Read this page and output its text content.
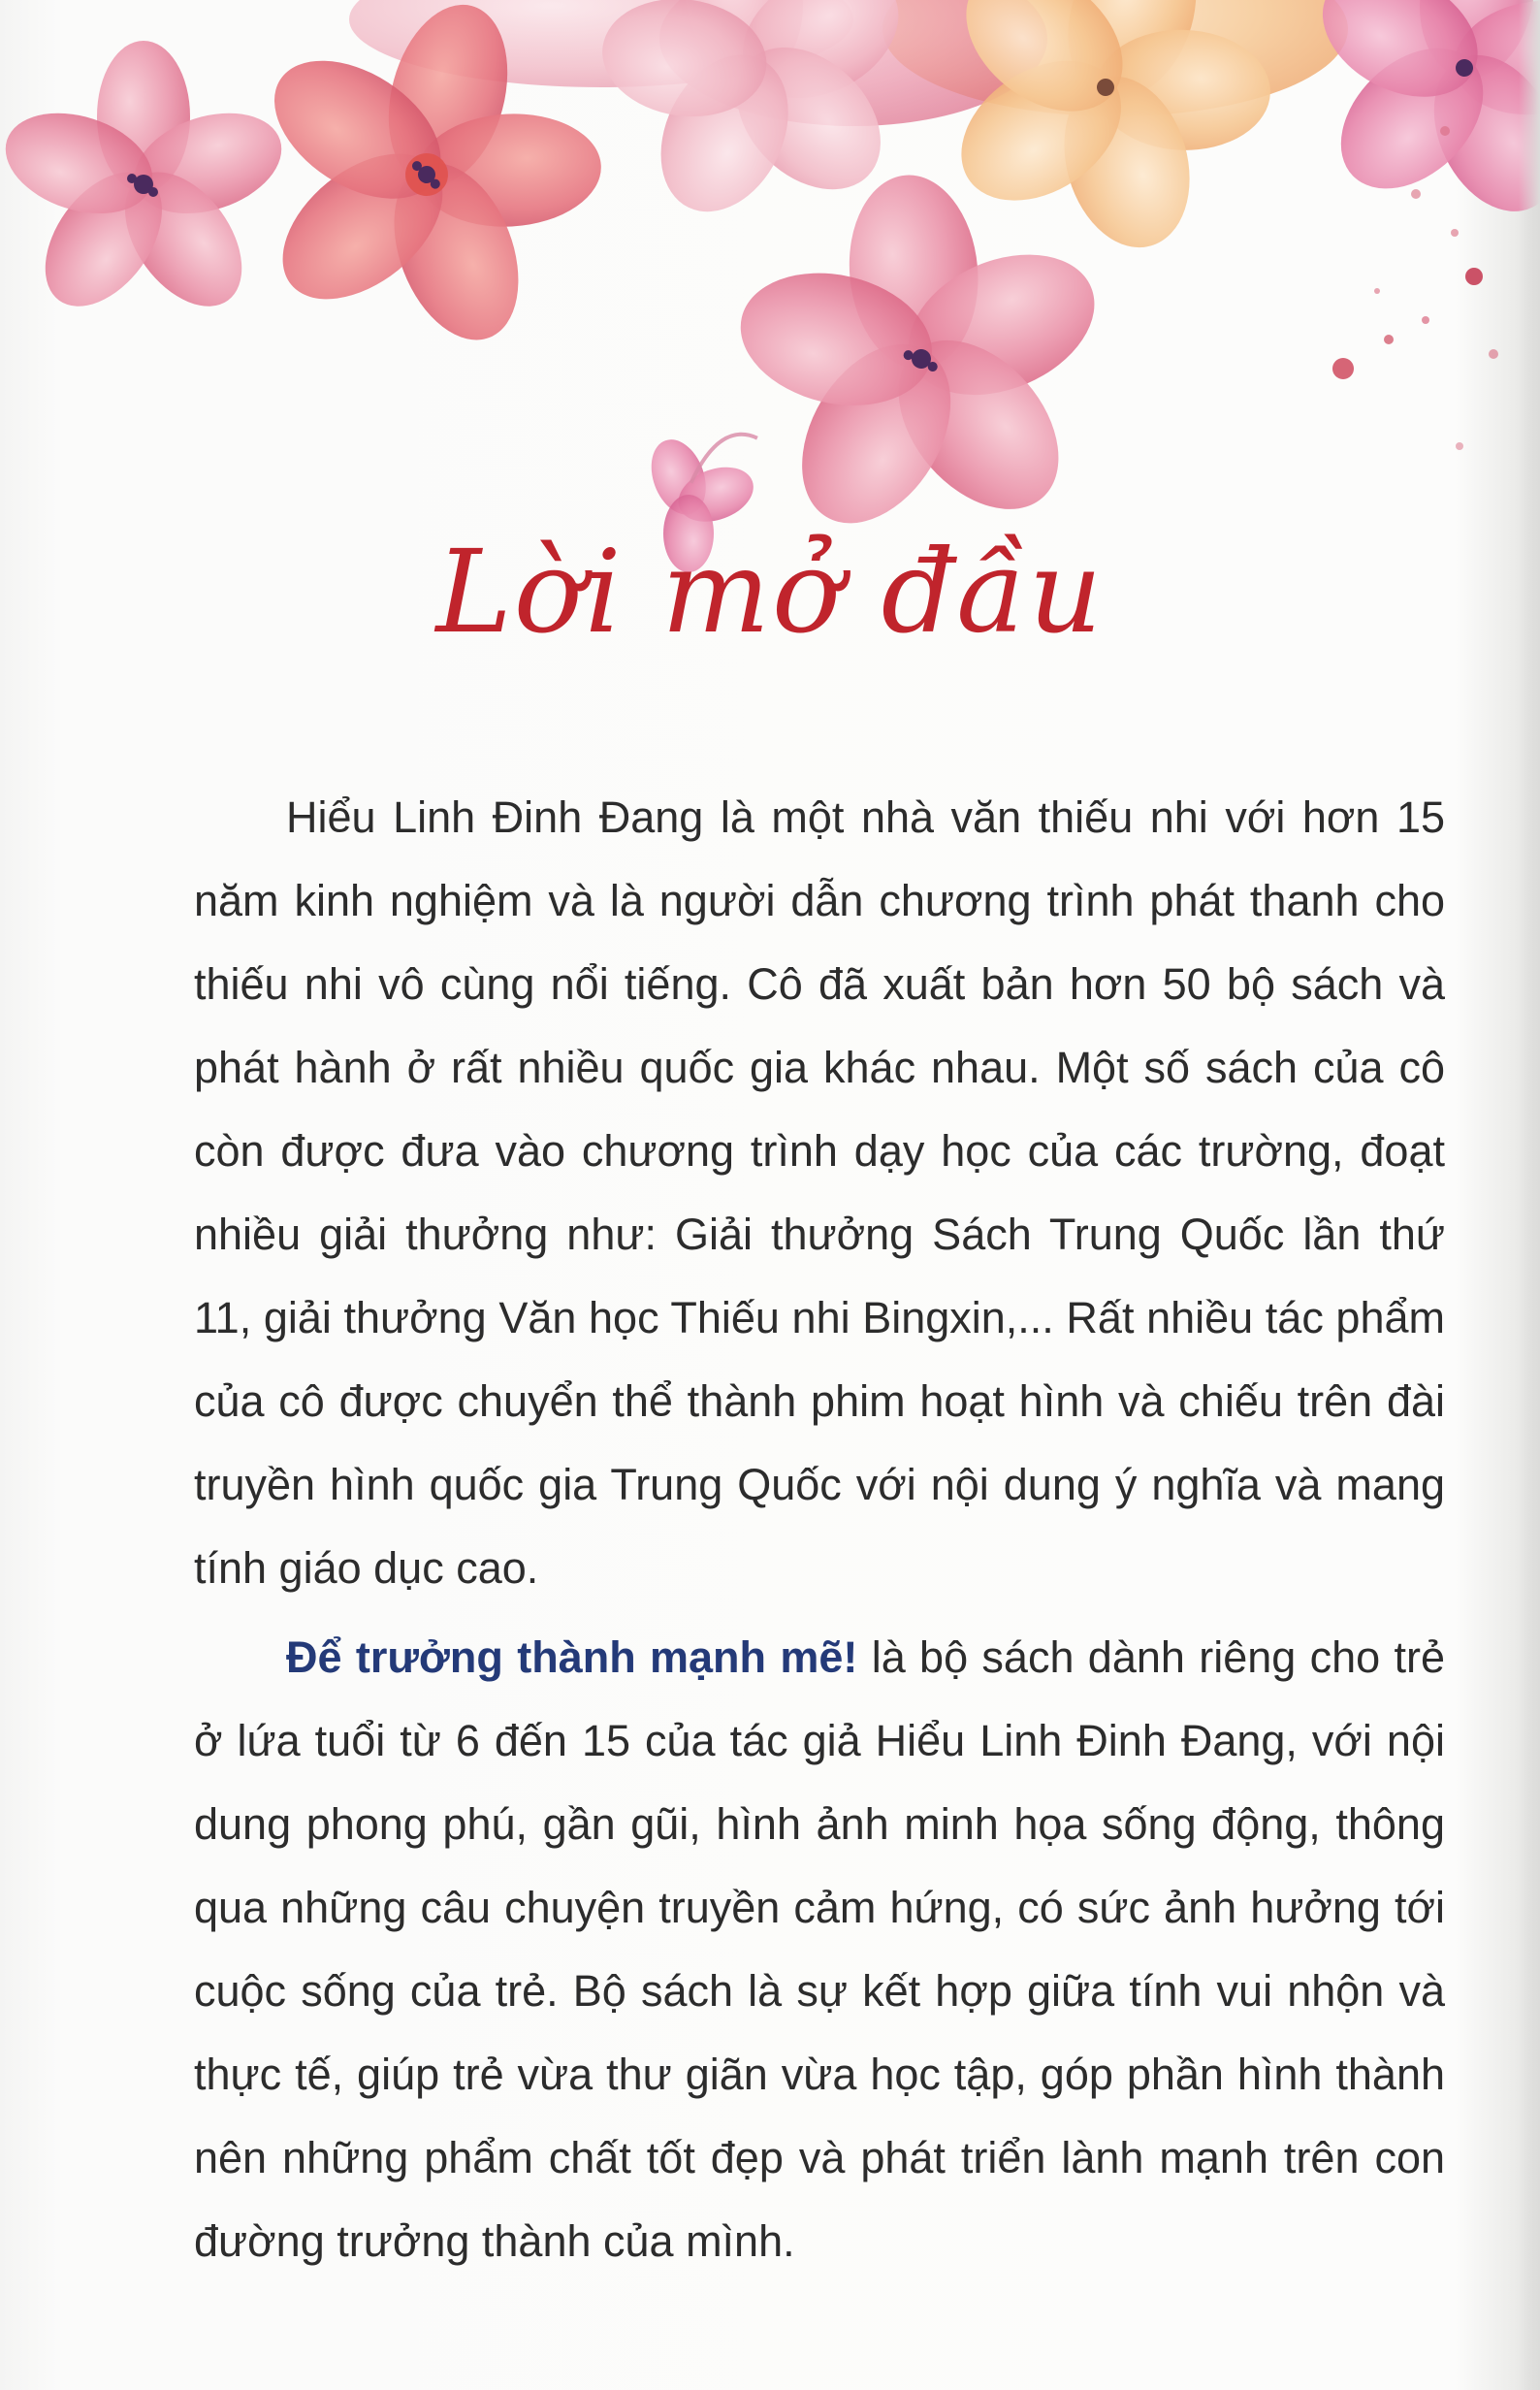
Lời mở đầu

Hiểu Linh Đinh Đang là một nhà văn thiếu nhi với hơn 15 năm kinh nghiệm và là người dẫn chương trình phát thanh cho thiếu nhi vô cùng nổi tiếng. Cô đã xuất bản hơn 50 bộ sách và phát hành ở rất nhiều quốc gia khác nhau. Một số sách của cô còn được đưa vào chương trình dạy học của các trường, đoạt nhiều giải thưởng như: Giải thưởng Sách Trung Quốc lần thứ 11, giải thưởng Văn học Thiếu nhi Bingxin,... Rất nhiều tác phẩm của cô được chuyển thể thành phim hoạt hình và chiếu trên đài truyền hình quốc gia Trung Quốc với nội dung ý nghĩa và mang tính giáo dục cao.

Để trưởng thành mạnh mẽ! là bộ sách dành riêng cho trẻ ở lứa tuổi từ 6 đến 15 của tác giả Hiểu Linh Đinh Đang, với nội dung phong phú, gần gũi, hình ảnh minh họa sống động, thông qua những câu chuyện truyền cảm hứng, có sức ảnh hưởng tới cuộc sống của trẻ. Bộ sách là sự kết hợp giữa tính vui nhộn và thực tế, giúp trẻ vừa thư giãn vừa học tập, góp phần hình thành nên những phẩm chất tốt đẹp và phát triển lành mạnh trên con đường trưởng thành của mình.
